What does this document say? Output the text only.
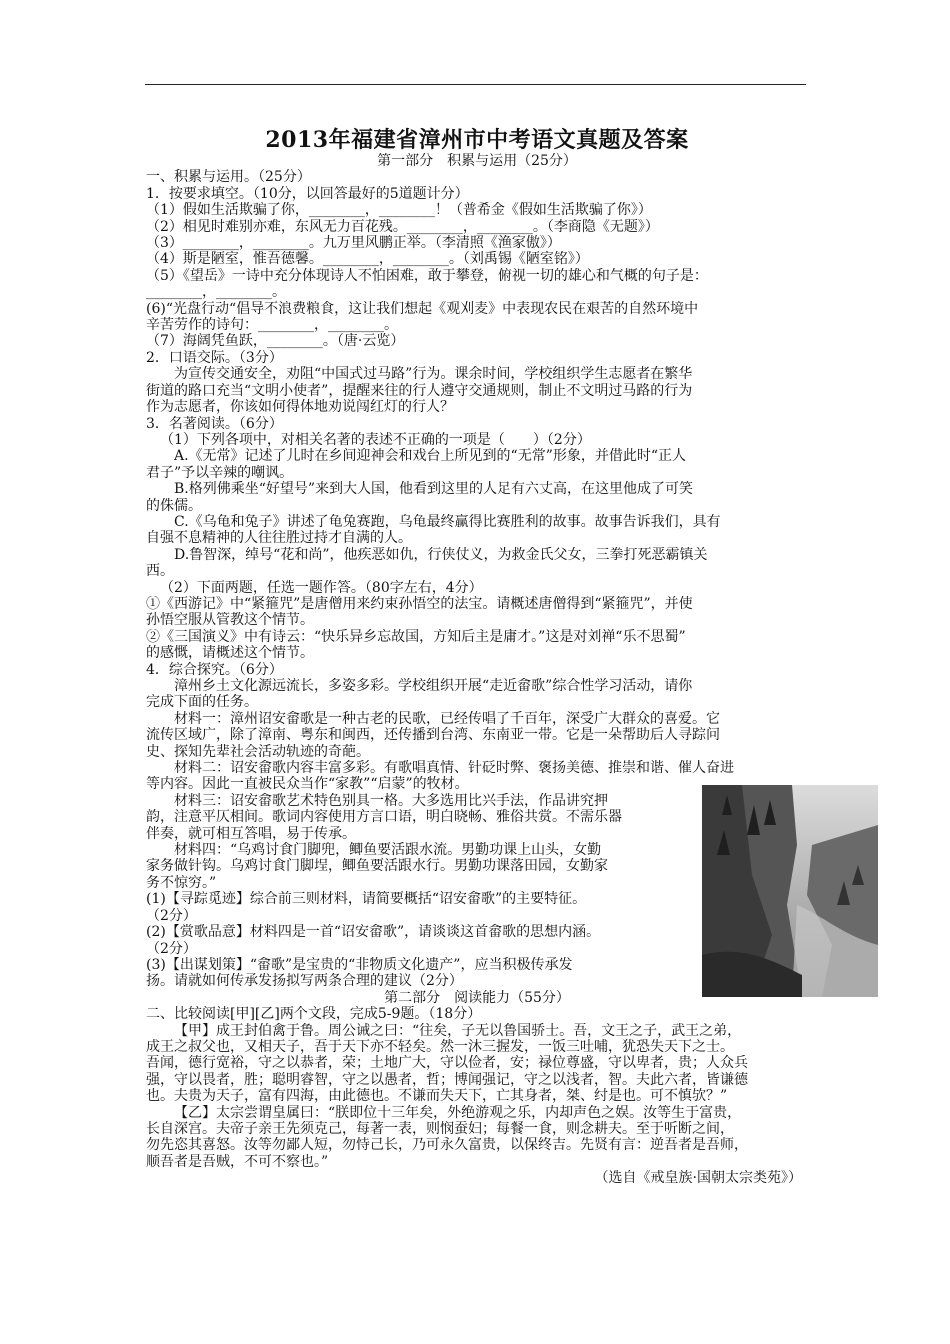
2013年福建省漳州市中考语文真题及答案
第一部分　积累与运用（25分）
一、积累与运用。（25分）
1．按要求填空。（10分，以回答最好的5道题计分）
（1）假如生活欺骗了你，________，________！（普希金《假如生活欺骗了你》）
（2）相见时难别亦难，东风无力百花残。________，________。（李商隐《无题》）
（3）________，________。九万里风鹏正举。（李清照《渔家傲》）
（4）斯是陋室，惟吾德馨。________，________。（刘禹锡《陋室铭》）
（5）《望岳》一诗中充分体现诗人不怕困难，敢于攀登，俯视一切的雄心和气概的句子是：
________，________。
(6)“光盘行动“倡导不浪费粮食，这让我们想起《观刈麦》中表现农民在艰苦的自然环境中
辛苦劳作的诗句：________，________。
（7）海阔凭鱼跃，________。（唐·云览）
2．口语交际。（3分）
为宣传交通安全，劝阻“中国式过马路”行为。课余时间，学校组织学生志愿者在繁华
街道的路口充当“文明小使者”，提醒来往的行人遵守交通规则，制止不文明过马路的行为
作为志愿者，你该如何得体地劝说闯红灯的行人？
3．名著阅读。（6分）
（1）下列各项中，对相关名著的表述不正确的一项是（　　）（2分）
A.《无常》记述了儿时在乡间迎神会和戏台上所见到的“无常”形象，并借此时“正人
君子”予以辛辣的嘲讽。
B.格列佛乘坐“好望号”来到大人国，他看到这里的人足有六丈高，在这里他成了可笑
的侏儒。
C.《乌龟和兔子》讲述了龟兔赛跑，乌龟最终赢得比赛胜利的故事。故事告诉我们，具有
自强不息精神的人往往胜过持才自满的人。
D.鲁智深，绰号“花和尚”，他疾恶如仇，行侠仗义，为救金氏父女，三拳打死恶霸镇关
西。
（2）下面两题，任选一题作答。（80字左右，4分）
①《西游记》中“紧箍咒”是唐僧用来约束孙悟空的法宝。请概述唐僧得到“紧箍咒”，并使
孙悟空服从管教这个情节。
②《三国演义》中有诗云：“快乐异乡忘故国，方知后主是庸才。”这是对刘禅“乐不思蜀”
的感慨，请概述这个情节。
4．综合探究。（6分）
漳州乡土文化源远流长，多姿多彩。学校组织开展“走近畲歌”综合性学习活动，请你
完成下面的任务。
材料一：漳州诏安畲歌是一种古老的民歌，已经传唱了千百年，深受广大群众的喜爱。它
流传区域广，除了漳南、粤东和闽西，还传播到台湾、东南亚一带。它是一朵帮助后人寻踪问
史、探知先辈社会活动轨迹的奇葩。
材料二：诏安畲歌内容丰富多彩。有歌唱真情、针砭时弊、褒扬美德、推崇和谐、催人奋进
等内容。因此一直被民众当作“家教”“启蒙”的牧材。
材料三：诏安畲歌艺术特色别具一格。大多选用比兴手法，作品讲究押
韵，注意平仄相间。歌词内容使用方言口语，明白晓畅、雅俗共赏。不需乐器
伴奏，就可相互答唱，易于传承。
材料四：“乌鸡讨食门脚兜，鲫鱼要活跟水流。男勤功课上山头，女勤
家务做针钩。乌鸡讨食门脚埕，鲫鱼要活跟水行。男勤功课落田园，女勤家
务不惊穷。”
(1)【寻踪觅迹】综合前三则材料，请简要概括“诏安畲歌”的主要特征。
（2分）
(2)【赏歌品意】材料四是一首“诏安畲歌”，请谈谈这首畲歌的思想内涵。
（2分）
(3)【出谋划策】“畲歌”是宝贵的“非物质文化遗产”，应当积极传承发
扬。请就如何传承发扬拟写两条合理的建议（2分）
第二部分　阅读能力（55分）
二、比较阅读[甲][乙]两个文段，完成5-9题。（18分）
【甲】成王封伯禽于鲁。周公诫之曰：“往矣，子无以鲁国骄士。吾，文王之子，武王之弟，
成王之叔父也，又相天子，吾于天下亦不轻矣。然一沐三握发，一饭三吐哺，犹恐失天下之士。
吾闻，德行宽裕，守之以恭者，荣；土地广大，守以俭者，安；禄位尊盛，守以卑者，贵；人众兵
强，守以畏者，胜；聪明睿智，守之以愚者，哲；博闻强记，守之以浅者，智。夫此六者，皆谦德
也。夫贵为天子，富有四海，由此德也。不谦而失天下，亡其身者，桀、纣是也。可不慎欤？”
【乙】太宗尝谓皇属曰：“朕即位十三年矣，外绝游观之乐，内却声色之娱。汝等生于富贵，
长自深宫。夫帝子亲王先须克己，每著一表，则悯蚕妇；每餐一食，则念耕夫。至于听断之间，
勿先恣其喜怒。汝等勿鄙人短，勿恃己长，乃可永久富贵，以保终吉。先贤有言：逆吾者是吾师，
顺吾者是吾贼，不可不察也。”
（选自《戒皇族·国朝太宗类苑》）
